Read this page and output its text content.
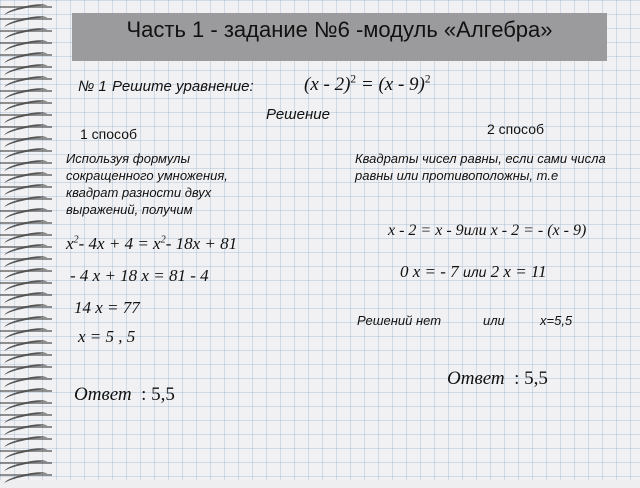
Часть 1 - задание №6 -модуль «Алгебра»
№ 1 Решите уравнение:	(x - 2)$^2$ = (x - 9)$^2$
Решение
1 способ
Используя формулы сокращенного умножения, квадрат разности двух выражений, получим
$x^2-$ $4x + 4 = x^2-$ 18x + 81
- 4 x + 18 x = 81 - 4
14 x = 77
x = 5 , 5
Ответ : 5,5
2 способ
Квадраты чисел равны, если сами числа равны или противоположны, т.е
x - 2 = x - 9или x - 2 = - (x - 9)
0 x = - 7 или 2 x = 11
Решений нет	или	x=5,5
Ответ : 5,5
